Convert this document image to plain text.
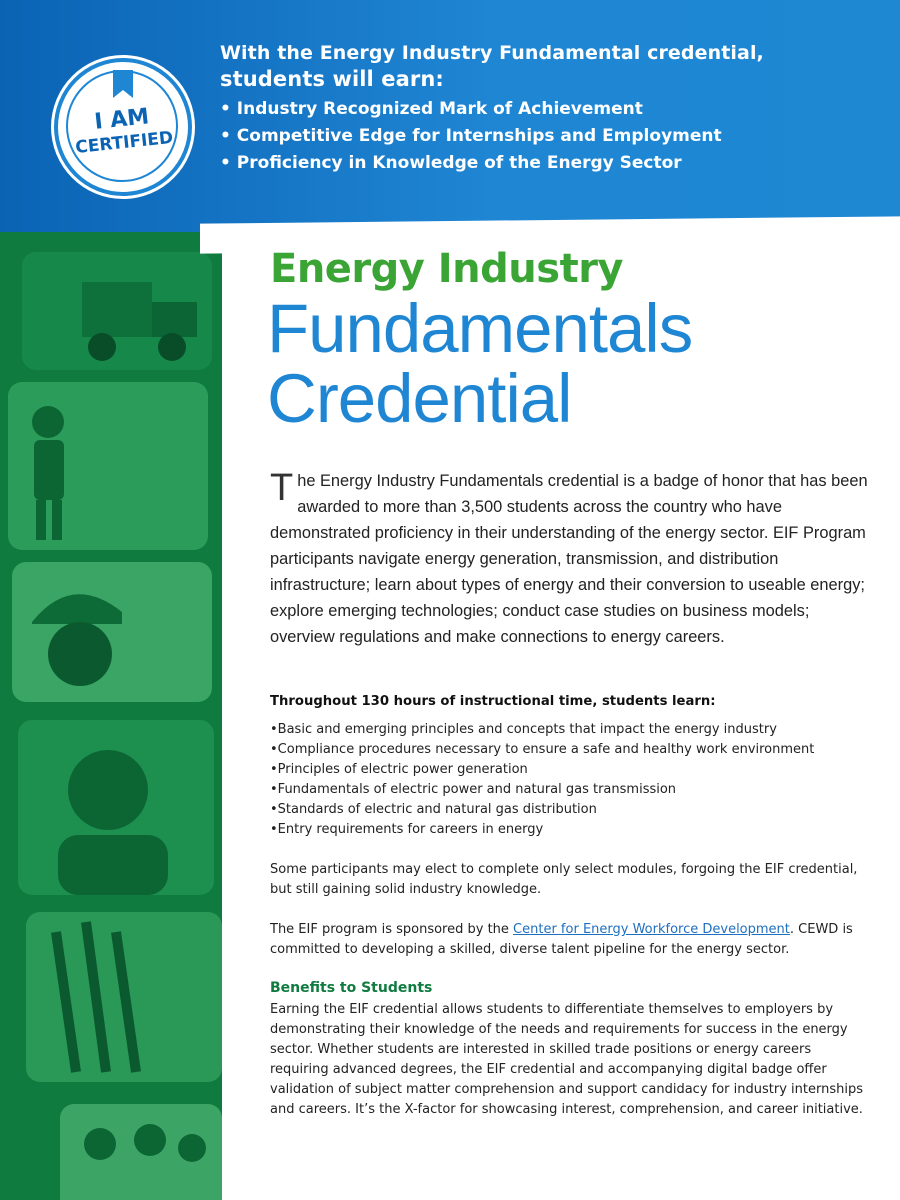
With the Energy Industry Fundamental credential,
students will earn:
• Industry Recognized Mark of Achievement
• Competitive Edge for Internships and Employment
• Proficiency in Knowledge of the Energy Sector
I AM
CERTIFIED
Energy Industry
Fundamentals
Credential

The Energy Industry Fundamentals credential is a badge of honor that has been awarded to more than 3,500 students across the country who have demonstrated proficiency in their understanding of the energy sector. EIF Program participants navigate energy generation, transmission, and distribution infrastructure; learn about types of energy and their conversion to useable energy; explore emerging technologies; conduct case studies on business models; overview regulations and make connections to energy careers.

Throughout 130 hours of instructional time, students learn:
• Basic and emerging principles and concepts that impact the energy industry
• Compliance procedures necessary to ensure a safe and healthy work environment
• Principles of electric power generation
• Fundamentals of electric power and natural gas transmission
• Standards of electric and natural gas distribution
• Entry requirements for careers in energy

Some participants may elect to complete only select modules, forgoing the EIF credential, but still gaining solid industry knowledge.

The EIF program is sponsored by the Center for Energy Workforce Development. CEWD is committed to developing a skilled, diverse talent pipeline for the energy sector.

Benefits to Students

Earning the EIF credential allows students to differentiate themselves to employers by demonstrating their knowledge of the needs and requirements for success in the energy sector. Whether students are interested in skilled trade positions or energy careers requiring advanced degrees, the EIF credential and accompanying digital badge offer validation of subject matter comprehension and support candidacy for industry internships and careers. It’s the X-factor for showcasing interest, comprehension, and career initiative.
